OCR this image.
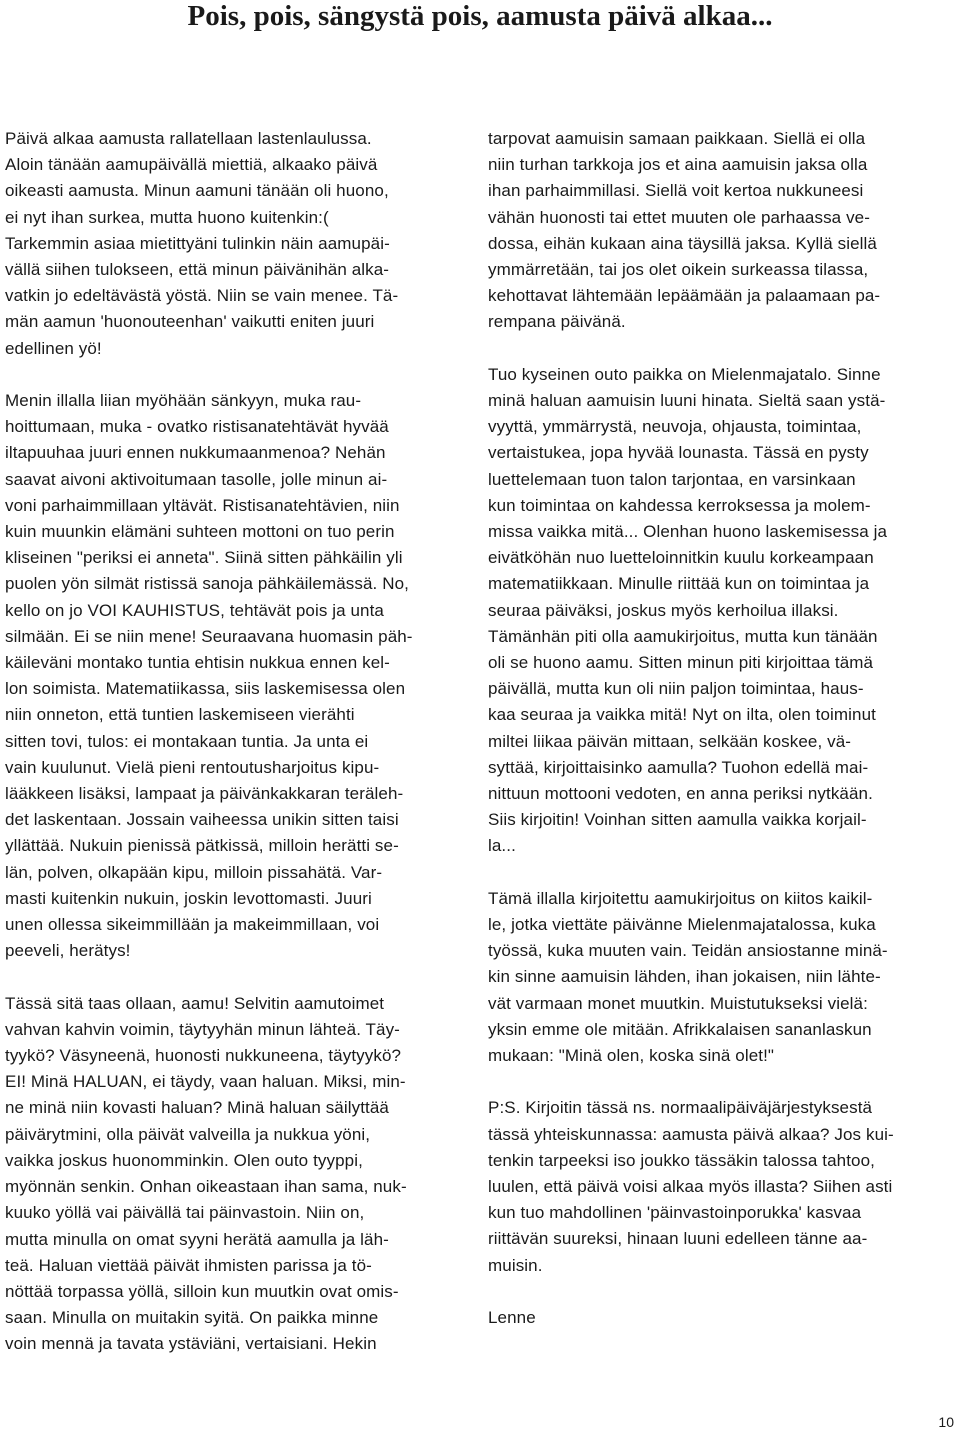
Pois, pois, sängystä pois, aamusta päivä alkaa...

Päivä alkaa aamusta rallatellaan lastenlaulussa.
Aloin tänään aamupäivällä miettiä, alkaako päivä
oikeasti aamusta. Minun aamuni tänään oli huono,
ei nyt ihan surkea, mutta huono kuitenkin:(
Tarkemmin asiaa mietittyäni tulinkin näin aamupäi-
vällä siihen tulokseen, että minun päivänihän alka-
vatkin jo edeltävästä yöstä. Niin se vain menee. Tä-
män aamun 'huonouteenhan' vaikutti eniten juuri
edellinen yö!

Menin illalla liian myöhään sänkyyn, muka rau-
hoittumaan, muka - ovatko ristisanatehtävät hyvää
iltapuuhaa juuri ennen nukkumaanmenoa? Nehän
saavat aivoni aktivoitumaan tasolle, jolle minun ai-
voni parhaimmillaan yltävät. Ristisanatehtävien, niin
kuin muunkin elämäni suhteen mottoni on tuo perin
kliseinen "periksi ei anneta". Siinä sitten pähkäilin yli
puolen yön silmät ristissä sanoja pähkäilemässä. No,
kello on jo VOI KAUHISTUS, tehtävät pois ja unta
silmään. Ei se niin mene! Seuraavana huomasin päh-
käileväni montako tuntia ehtisin nukkua ennen kel-
lon soimista. Matematiikassa, siis laskemisessa olen
niin onneton, että tuntien laskemiseen vierähti
sitten tovi, tulos: ei montakaan tuntia. Ja unta ei
vain kuulunut. Vielä pieni rentoutusharjoitus kipu-
lääkkeen lisäksi, lampaat ja päivänkakkaran teräleh-
det laskentaan. Jossain vaiheessa unikin sitten taisi
yllättää. Nukuin pienissä pätkissä, milloin herätti se-
län, polven, olkapään kipu, milloin pissahätä. Var-
masti kuitenkin nukuin, joskin levottomasti. Juuri
unen ollessa sikeimmillään ja makeimmillaan, voi
peeveli, herätys!

Tässä sitä taas ollaan, aamu! Selvitin aamutoimet
vahvan kahvin voimin, täytyyhän minun lähteä. Täy-
tyykö? Väsyneenä, huonosti nukkuneena, täytyykö?
EI! Minä HALUAN, ei täydy, vaan haluan. Miksi, min-
ne minä niin kovasti haluan? Minä haluan säilyttää
päivärytmini, olla päivät valveilla ja nukkua yöni,
vaikka joskus huonomminkin. Olen outo tyyppi,
myönnän senkin. Onhan oikeastaan ihan sama, nuk-
kuuko yöllä vai päivällä tai päinvastoin. Niin on,
mutta minulla on omat syyni herätä aamulla ja läh-
teä. Haluan viettää päivät ihmisten parissa ja tö-
nöttää torpassa yöllä, silloin kun muutkin ovat omis-
saan. Minulla on muitakin syitä. On paikka minne
voin mennä ja tavata ystäviäni, vertaisiani. Hekin

tarpovat aamuisin samaan paikkaan. Siellä ei olla
niin turhan tarkkoja jos et aina aamuisin jaksa olla
ihan parhaimmillasi. Siellä voit kertoa nukkuneesi
vähän huonosti tai ettet muuten ole parhaassa ve-
dossa, eihän kukaan aina täysillä jaksa. Kyllä siellä
ymmärretään, tai jos olet oikein surkeassa tilassa,
kehottavat lähtemään lepäämään ja palaamaan pa-
rempana päivänä.

Tuo kyseinen outo paikka on Mielenmajatalo. Sinne
minä haluan aamuisin luuni hinata. Sieltä saan ystä-
vyyttä, ymmärrystä, neuvoja, ohjausta, toimintaa,
vertaistukea, jopa hyvää lounasta. Tässä en pysty
luettelemaan tuon talon tarjontaa, en varsinkaan
kun toimintaa on kahdessa kerroksessa ja molem-
missa vaikka mitä... Olenhan huono laskemisessa ja
eivätköhän nuo luetteloinnitkin kuulu korkeampaan
matematiikkaan. Minulle riittää kun on toimintaa ja
seuraa päiväksi, joskus myös kerhoilua illaksi.
Tämänhän piti olla aamukirjoitus, mutta kun tänään
oli se huono aamu. Sitten minun piti kirjoittaa tämä
päivällä, mutta kun oli niin paljon toimintaa, haus-
kaa seuraa ja vaikka mitä! Nyt on ilta, olen toiminut
miltei liikaa päivän mittaan, selkään koskee, vä-
syttää, kirjoittaisinko aamulla? Tuohon edellä mai-
nittuun mottooni vedoten, en anna periksi nytkään.
Siis kirjoitin! Voinhan sitten aamulla vaikka korjail-
la...

Tämä illalla kirjoitettu aamukirjoitus on kiitos kaikil-
le, jotka viettäte päivänne Mielenmajatalossa, kuka
työssä, kuka muuten vain. Teidän ansiostanne minä-
kin sinne aamuisin lähden, ihan jokaisen, niin lähte-
vät varmaan monet muutkin. Muistutukseksi vielä:
yksin emme ole mitään. Afrikkalaisen sananlaskun
mukaan: "Minä olen, koska sinä olet!"

P:S. Kirjoitin tässä ns. normaalipäiväjärjestyksestä
tässä yhteiskunnassa: aamusta päivä alkaa? Jos kui-
tenkin tarpeeksi iso joukko tässäkin talossa tahtoo,
luulen, että päivä voisi alkaa myös illasta? Siihen asti
kun tuo mahdollinen 'päinvastoinporukka' kasvaa
riittävän suureksi, hinaan luuni edelleen tänne aa-
muisin.

Lenne

10
